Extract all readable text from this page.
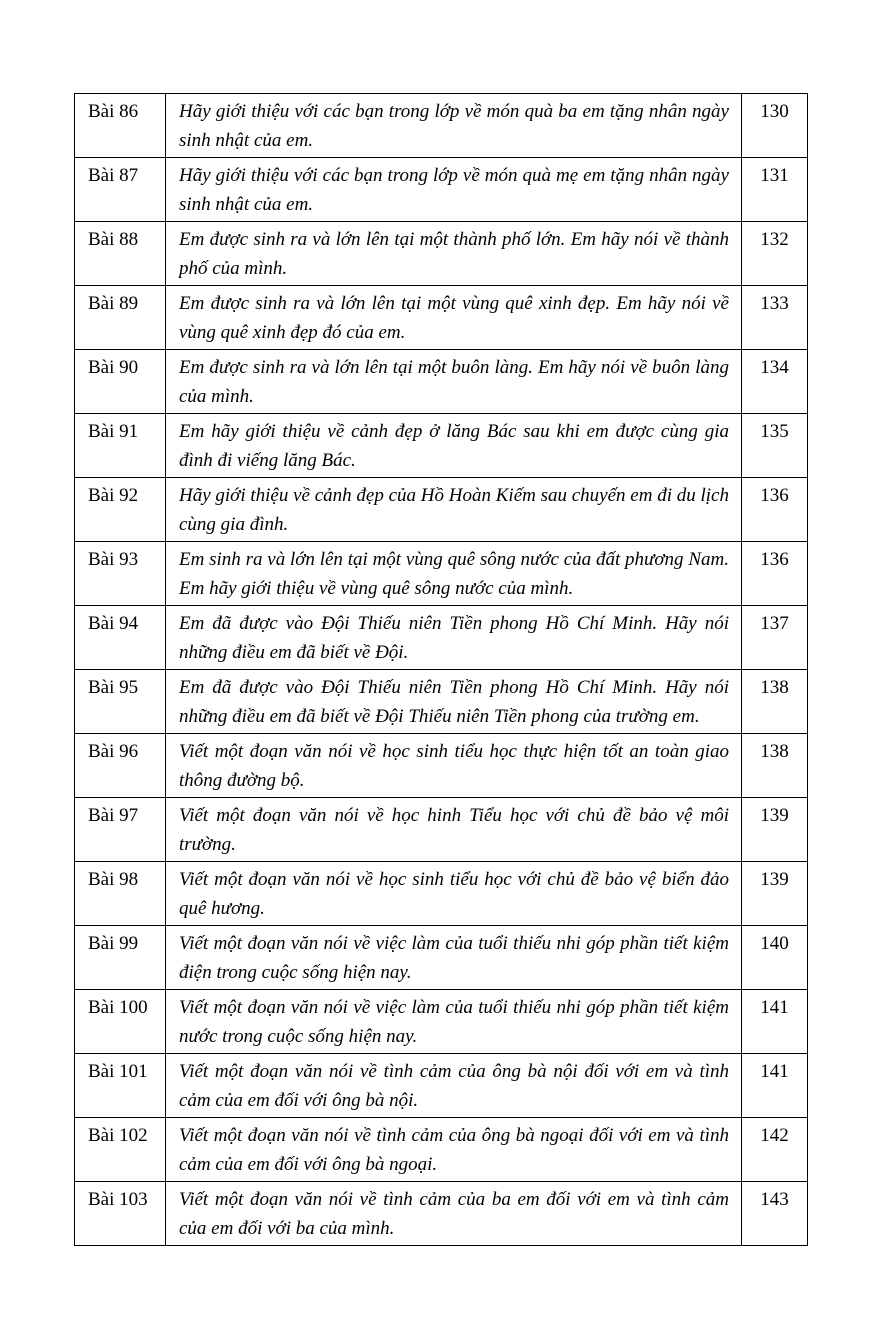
Bài 86	Hãy giới thiệu với các bạn trong lớp về món quà ba em tặng nhân ngày sinh nhật của em.	130
Bài 87	Hãy giới thiệu với các bạn trong lớp về món quà mẹ em tặng nhân ngày sinh nhật của em.	131
Bài 88	Em được sinh ra và lớn lên tại một thành phố lớn. Em hãy nói về thành phố của mình.	132
Bài 89	Em được sinh ra và lớn lên tại một vùng quê xinh đẹp. Em hãy nói về vùng quê xinh đẹp đó của em.	133
Bài 90	Em được sinh ra và lớn lên tại một buôn làng. Em hãy nói về buôn làng của mình.	134
Bài 91	Em hãy giới thiệu về cảnh đẹp ở lăng Bác sau khi em được cùng gia đình đi viếng lăng Bác.	135
Bài 92	Hãy giới thiệu về cảnh đẹp của Hồ Hoàn Kiếm sau chuyến em đi du lịch cùng gia đình.	136
Bài 93	Em sinh ra và lớn lên tại một vùng quê sông nước của đất phương Nam. Em hãy giới thiệu về vùng quê sông nước của mình.	136
Bài 94	Em đã được vào Đội Thiếu niên Tiền phong Hồ Chí Minh. Hãy nói những điều em đã biết về Đội.	137
Bài 95	Em đã được vào Đội Thiếu niên Tiền phong Hồ Chí Minh. Hãy nói những điều em đã biết về Đội Thiếu niên Tiền phong của trường em.	138
Bài 96	Viết một đoạn văn nói về học sinh tiểu học thực hiện tốt an toàn giao thông đường bộ.	138
Bài 97	Viết một đoạn văn nói về học hinh Tiểu học với chủ đề bảo vệ môi trường.	139
Bài 98	Viết một đoạn văn nói về học sinh tiểu học với chủ đề bảo vệ biển đảo quê hương.	139
Bài 99	Viết một đoạn văn nói về việc làm của tuổi thiếu nhi góp phần tiết kiệm điện trong cuộc sống hiện nay.	140
Bài 100	Viết một đoạn văn nói về việc làm của tuổi thiếu nhi góp phần tiết kiệm nước trong cuộc sống hiện nay.	141
Bài 101	Viết một đoạn văn nói về tình cảm của ông bà nội đối với em và tình cảm của em đối với ông bà nội.	141
Bài 102	Viết một đoạn văn nói về tình cảm của ông bà ngoại đối với em và tình cảm của em đối với ông bà ngoại.	142
Bài 103	Viết một đoạn văn nói về tình cảm của ba em đối với em và tình cảm của em đối với ba của mình.	143
